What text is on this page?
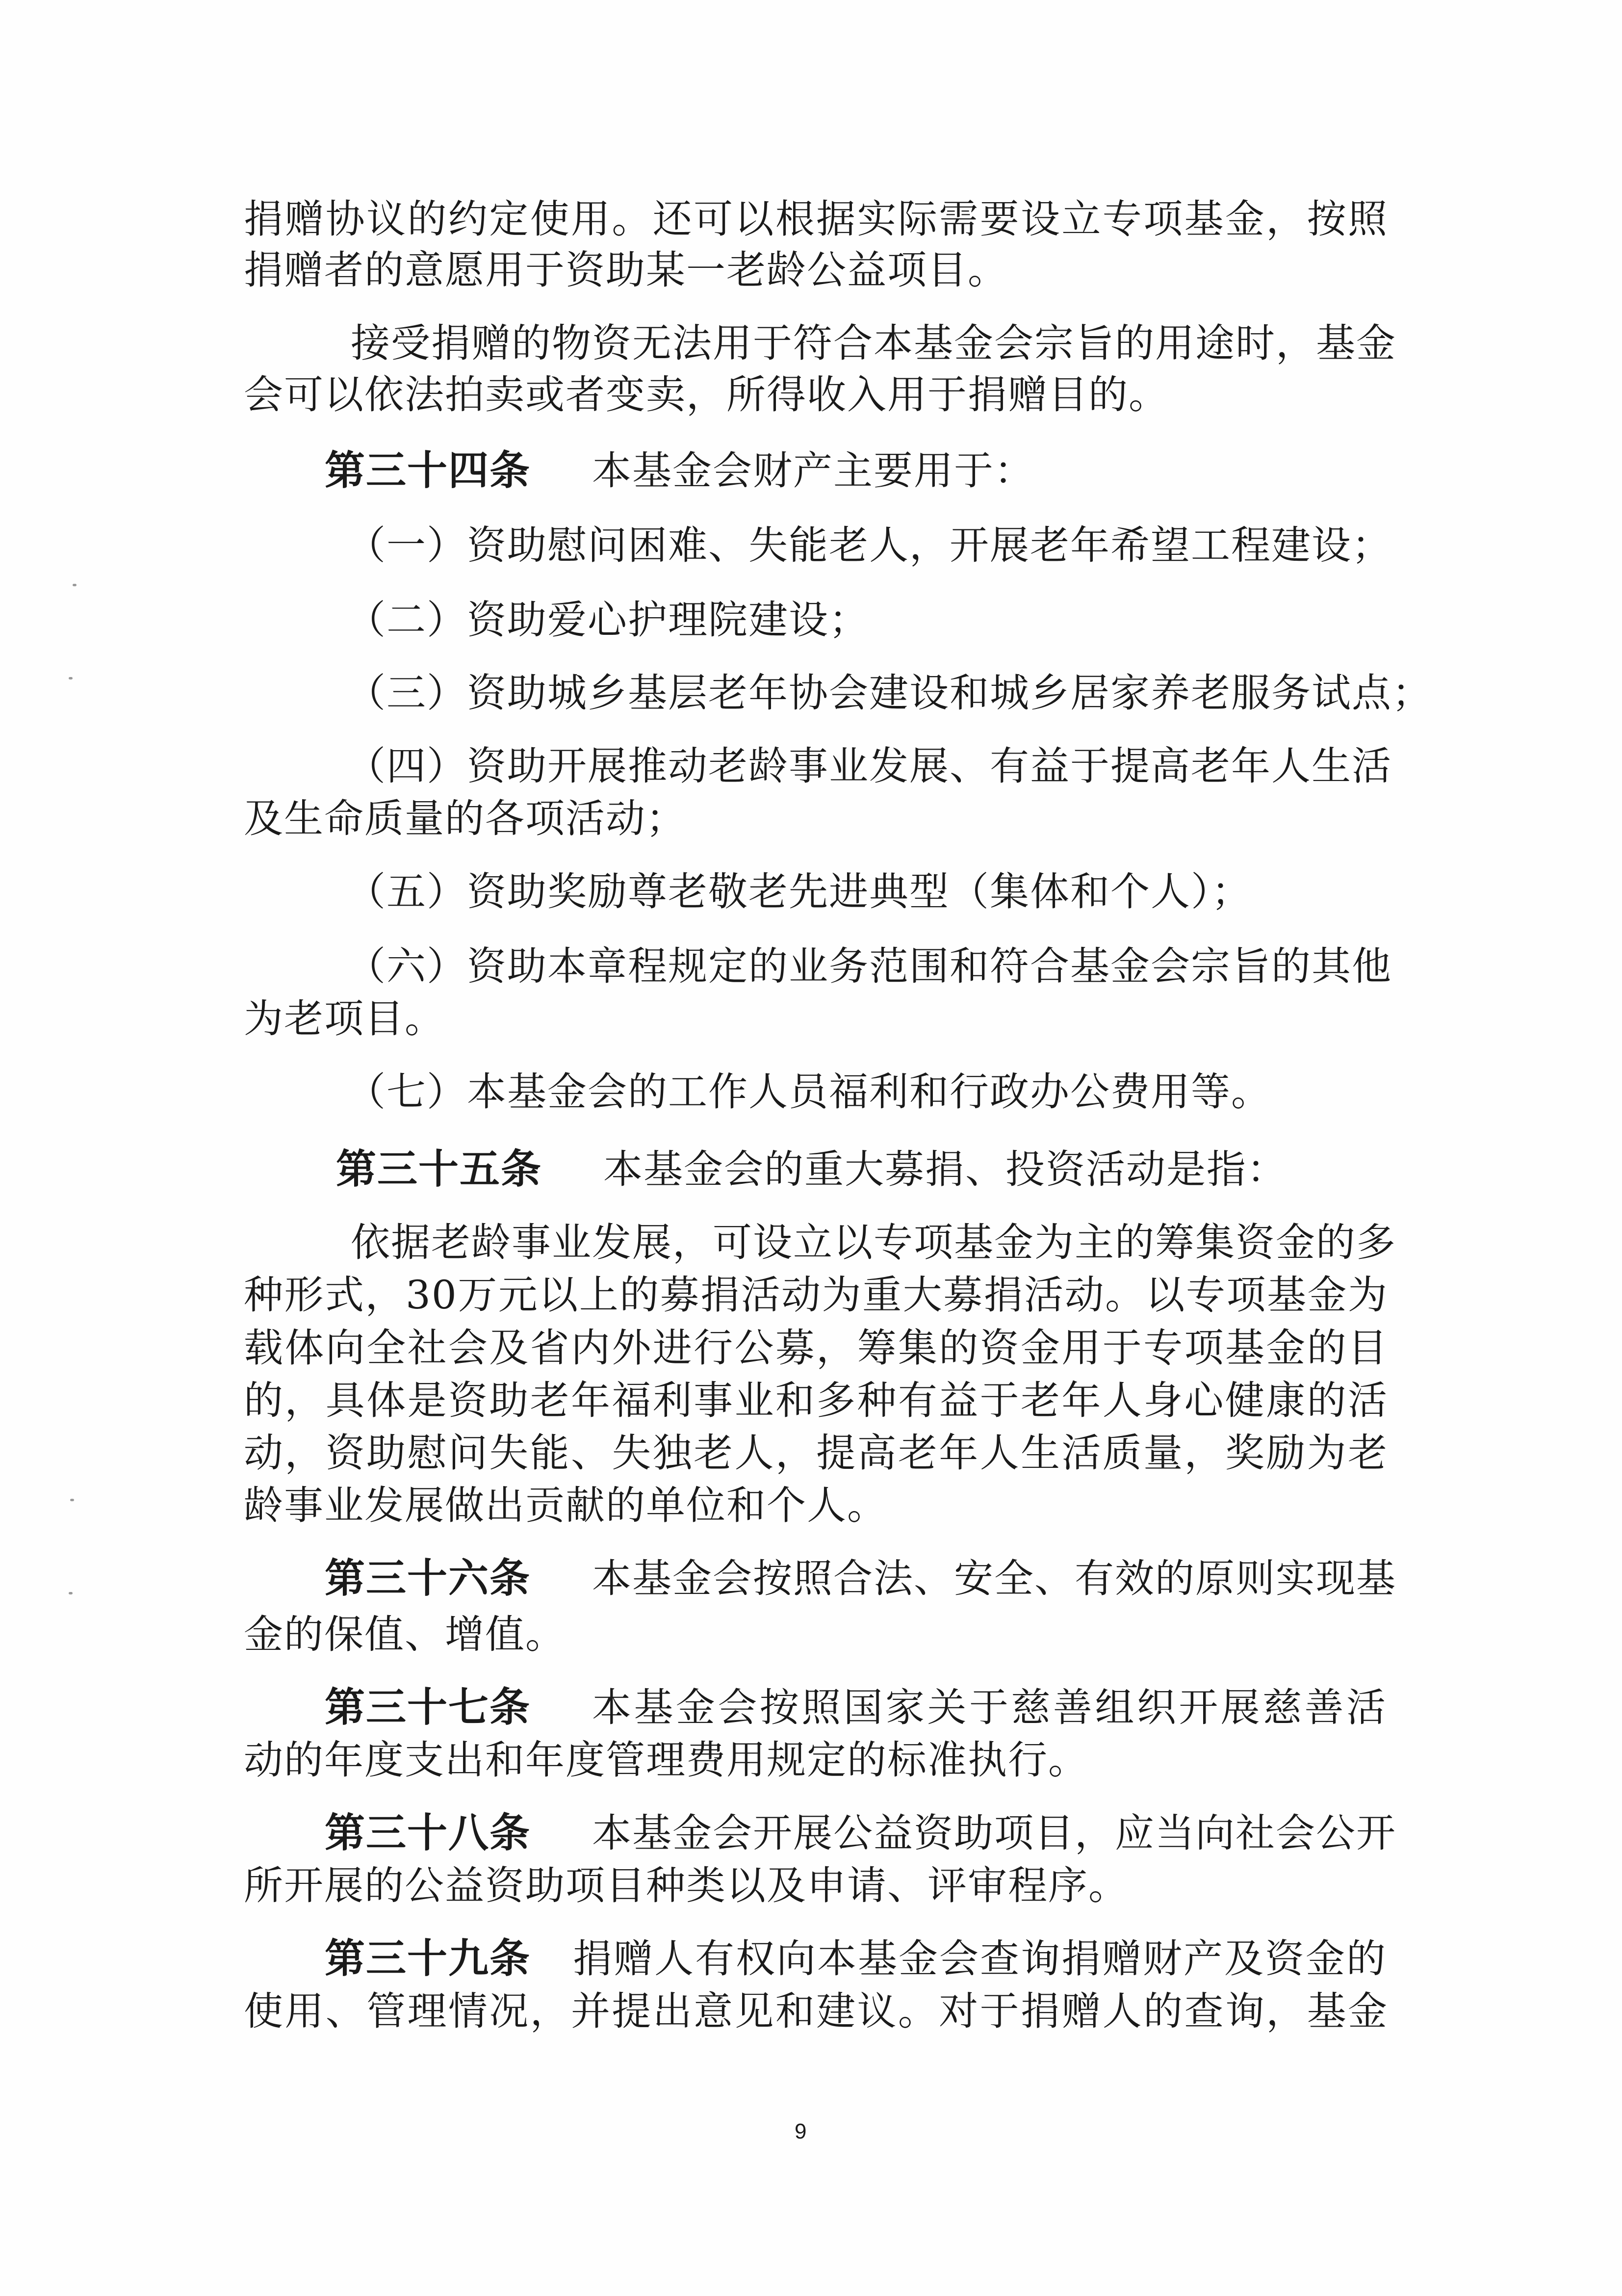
捐赠协议的约定使用。还可以根据实际需要设立专项基金，按照
捐赠者的意愿用于资助某一老龄公益项目。
接受捐赠的物资无法用于符合本基金会宗旨的用途时，基金
会可以依法拍卖或者变卖，所得收入用于捐赠目的。
第三十四条 本基金会财产主要用于：
（一）资助慰问困难、失能老人，开展老年希望工程建设；
（二）资助爱心护理院建设；
（三）资助城乡基层老年协会建设和城乡居家养老服务试点；
（四）资助开展推动老龄事业发展、有益于提高老年人生活
及生命质量的各项活动；
（五）资助奖励尊老敬老先进典型（集体和个人）；
（六）资助本章程规定的业务范围和符合基金会宗旨的其他
为老项目。
（七）本基金会的工作人员福利和行政办公费用等。
第三十五条 本基金会的重大募捐、投资活动是指：
依据老龄事业发展，可设立以专项基金为主的筹集资金的多
种形式，30万元以上的募捐活动为重大募捐活动。以专项基金为
载体向全社会及省内外进行公募，筹集的资金用于专项基金的目
的，具体是资助老年福利事业和多种有益于老年人身心健康的活
动，资助慰问失能、失独老人，提高老年人生活质量，奖励为老
龄事业发展做出贡献的单位和个人。
第三十六条 本基金会按照合法、安全、有效的原则实现基
金的保值、增值。
第三十七条 本基金会按照国家关于慈善组织开展慈善活
动的年度支出和年度管理费用规定的标准执行。
第三十八条 本基金会开展公益资助项目，应当向社会公开
所开展的公益资助项目种类以及申请、评审程序。
第三十九条 捐赠人有权向本基金会查询捐赠财产及资金的
使用、管理情况，并提出意见和建议。对于捐赠人的查询，基金
9
